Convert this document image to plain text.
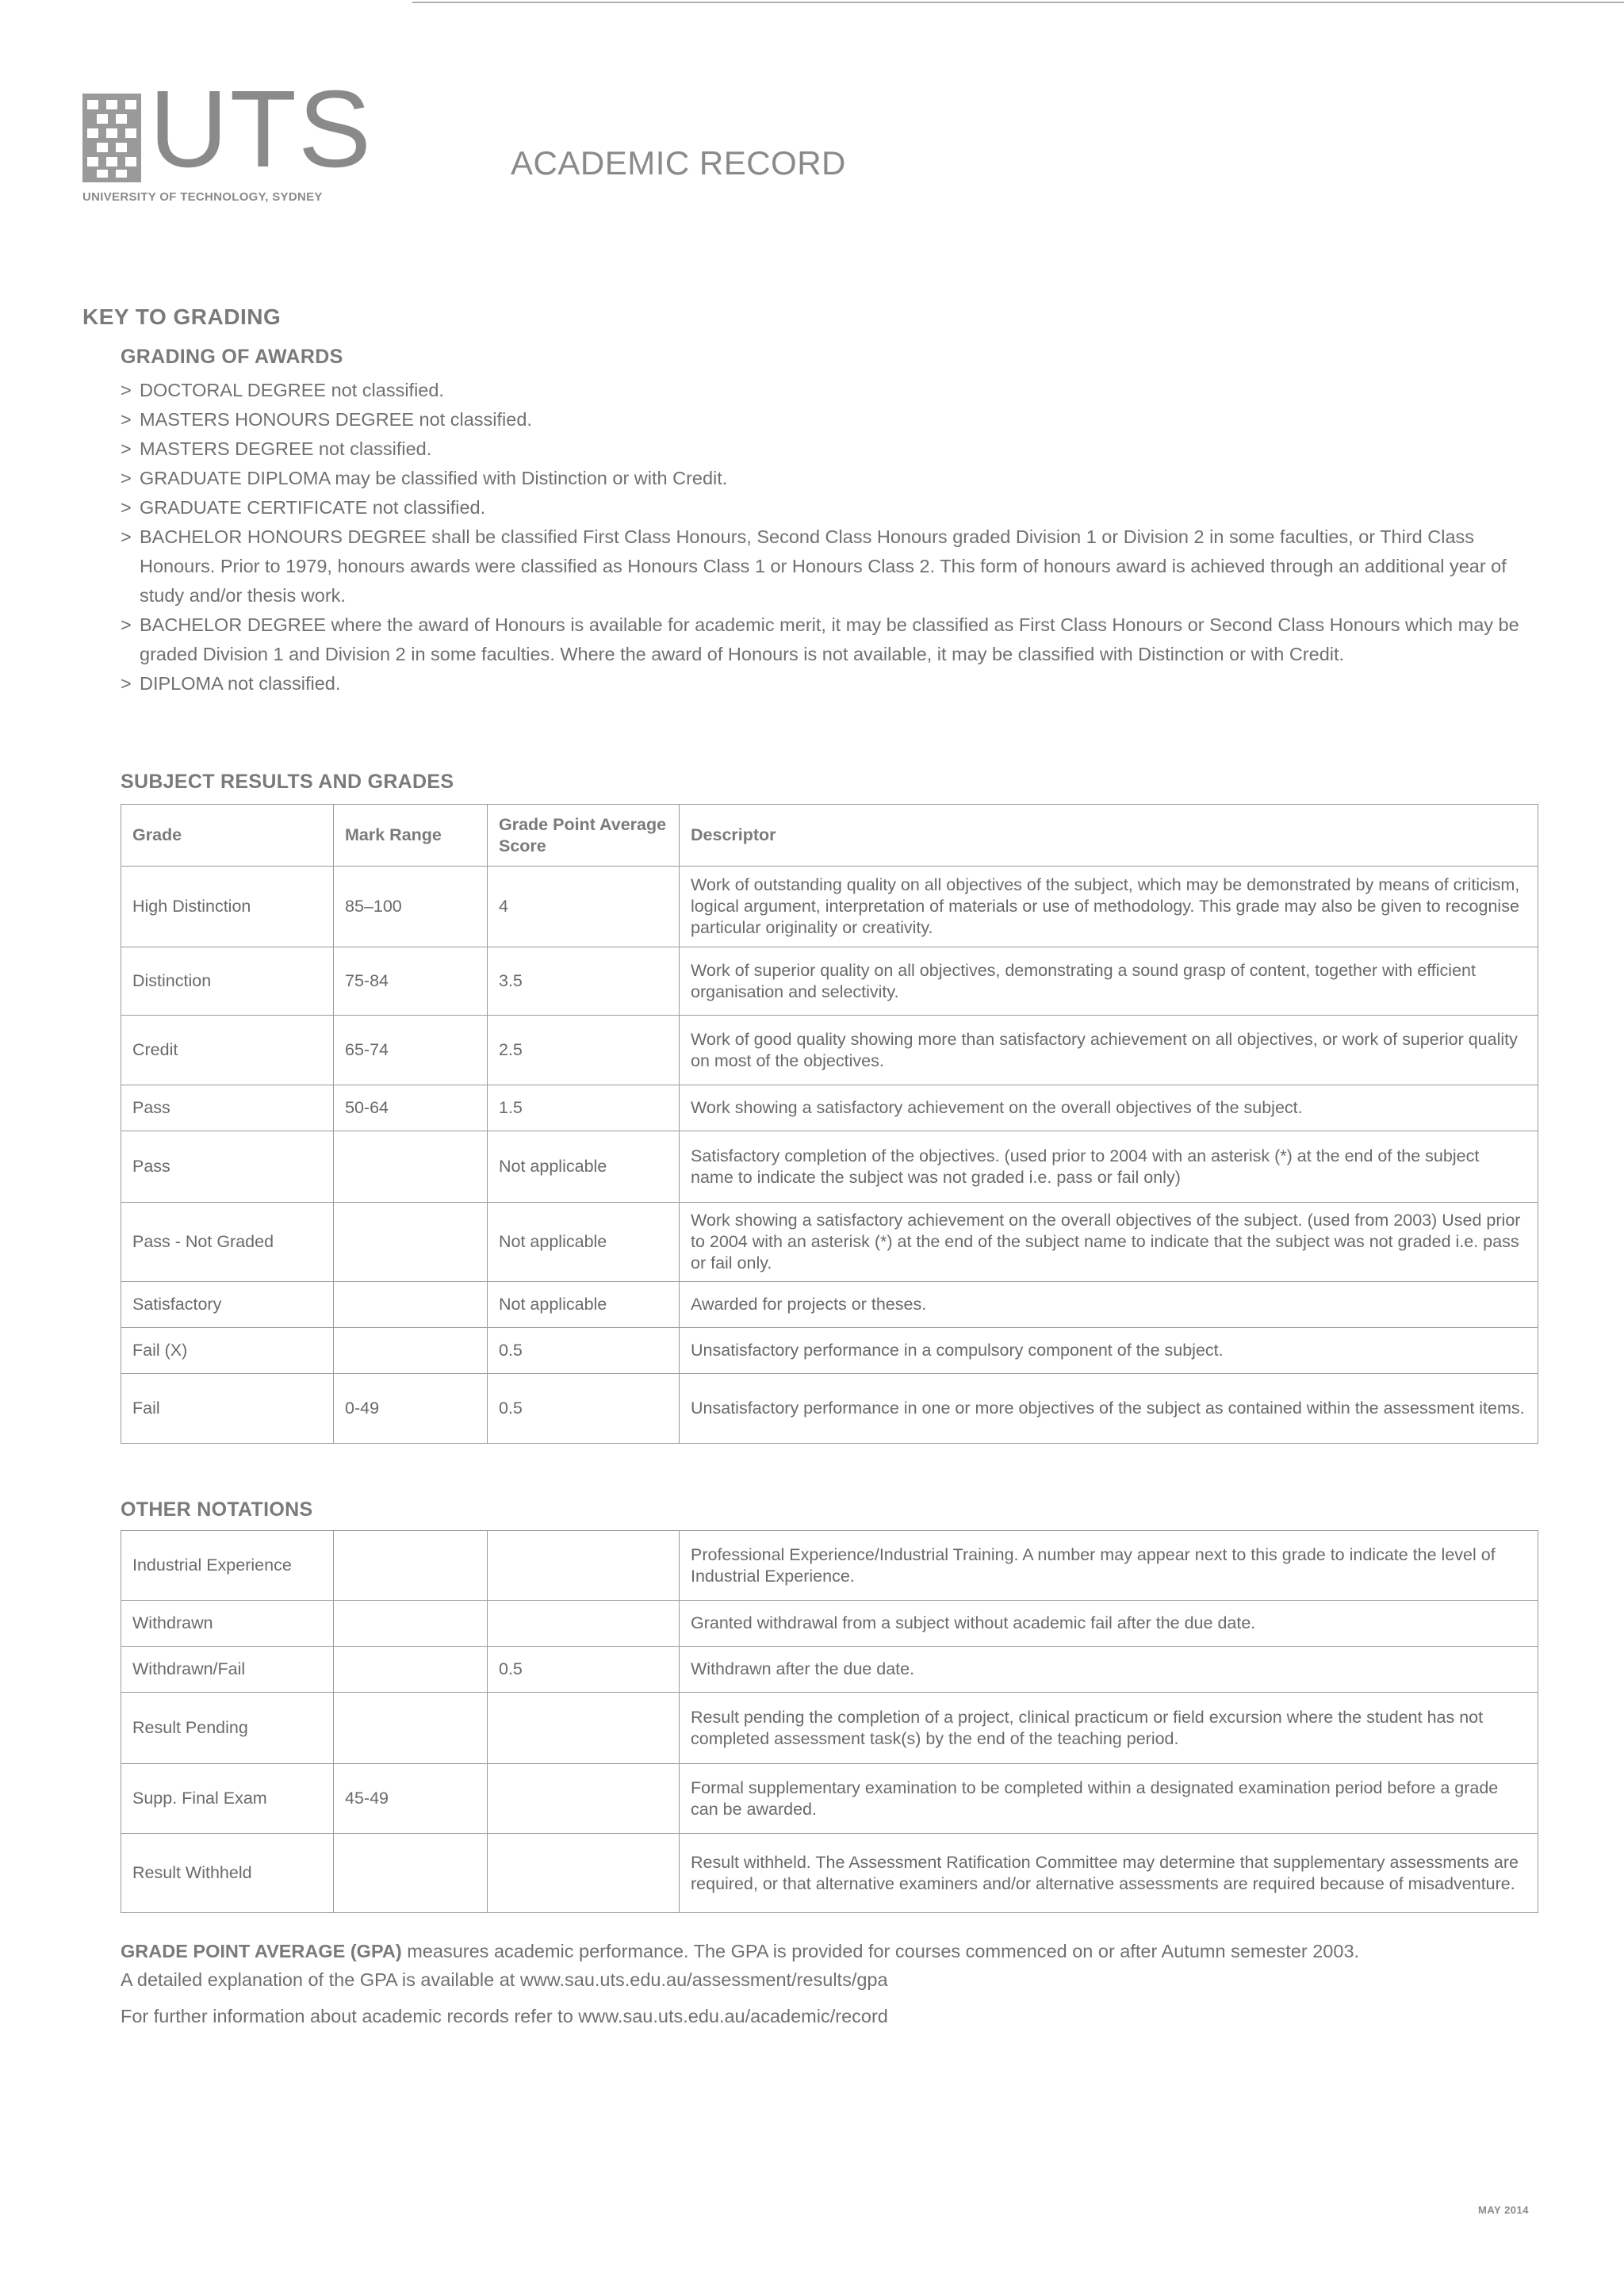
UTS
UNIVERSITY OF TECHNOLOGY, SYDNEY
ACADEMIC RECORD
KEY TO GRADING
GRADING OF AWARDS
> DOCTORAL DEGREE not classified.
> MASTERS HONOURS DEGREE not classified.
> MASTERS DEGREE not classified.
> GRADUATE DIPLOMA may be classified with Distinction or with Credit.
> GRADUATE CERTIFICATE not classified.
> BACHELOR HONOURS DEGREE shall be classified First Class Honours, Second Class Honours graded Division 1 or Division 2 in some faculties, or Third Class Honours. Prior to 1979, honours awards were classified as Honours Class 1 or Honours Class 2. This form of honours award is achieved through an additional year of study and/or thesis work.
> BACHELOR DEGREE where the award of Honours is available for academic merit, it may be classified as First Class Honours or Second Class Honours which may be graded Division 1 and Division 2 in some faculties. Where the award of Honours is not available, it may be classified with Distinction or with Credit.
> DIPLOMA not classified.
SUBJECT RESULTS AND GRADES
Grade	Mark Range	Grade Point Average Score	Descriptor
High Distinction	85–100	4	Work of outstanding quality on all objectives of the subject, which may be demonstrated by means of criticism, logical argument, interpretation of materials or use of methodology. This grade may also be given to recognise particular originality or creativity.
Distinction	75-84	3.5	Work of superior quality on all objectives, demonstrating a sound grasp of content, together with efficient organisation and selectivity.
Credit	65-74	2.5	Work of good quality showing more than satisfactory achievement on all objectives, or work of superior quality on most of the objectives.
Pass	50-64	1.5	Work showing a satisfactory achievement on the overall objectives of the subject.
Pass		Not applicable	Satisfactory completion of the objectives. (used prior to 2004 with an asterisk (*) at the end of the subject name to indicate the subject was not graded i.e. pass or fail only)
Pass - Not Graded		Not applicable	Work showing a satisfactory achievement on the overall objectives of the subject. (used from 2003) Used prior to 2004 with an asterisk (*) at the end of the subject name to indicate that the subject was not graded i.e. pass or fail only.
Satisfactory		Not applicable	Awarded for projects or theses.
Fail (X)		0.5	Unsatisfactory performance in a compulsory component of the subject.
Fail	0-49	0.5	Unsatisfactory performance in one or more objectives of the subject as contained within the assessment items.
OTHER NOTATIONS
Industrial Experience			Professional Experience/Industrial Training. A number may appear next to this grade to indicate the level of Industrial Experience.
Withdrawn			Granted withdrawal from a subject without academic fail after the due date.
Withdrawn/Fail		0.5	Withdrawn after the due date.
Result Pending			Result pending the completion of a project, clinical practicum or field excursion where the student has not completed assessment task(s) by the end of the teaching period.
Supp. Final Exam	45-49		Formal supplementary examination to be completed within a designated examination period before a grade can be awarded.
Result Withheld			Result withheld. The Assessment Ratification Committee may determine that supplementary assessments are required, or that alternative examiners and/or alternative assessments are required because of misadventure.
GRADE POINT AVERAGE (GPA) measures academic performance. The GPA is provided for courses commenced on or after Autumn semester 2003.
A detailed explanation of the GPA is available at www.sau.uts.edu.au/assessment/results/gpa
For further information about academic records refer to www.sau.uts.edu.au/academic/record
MAY 2014
